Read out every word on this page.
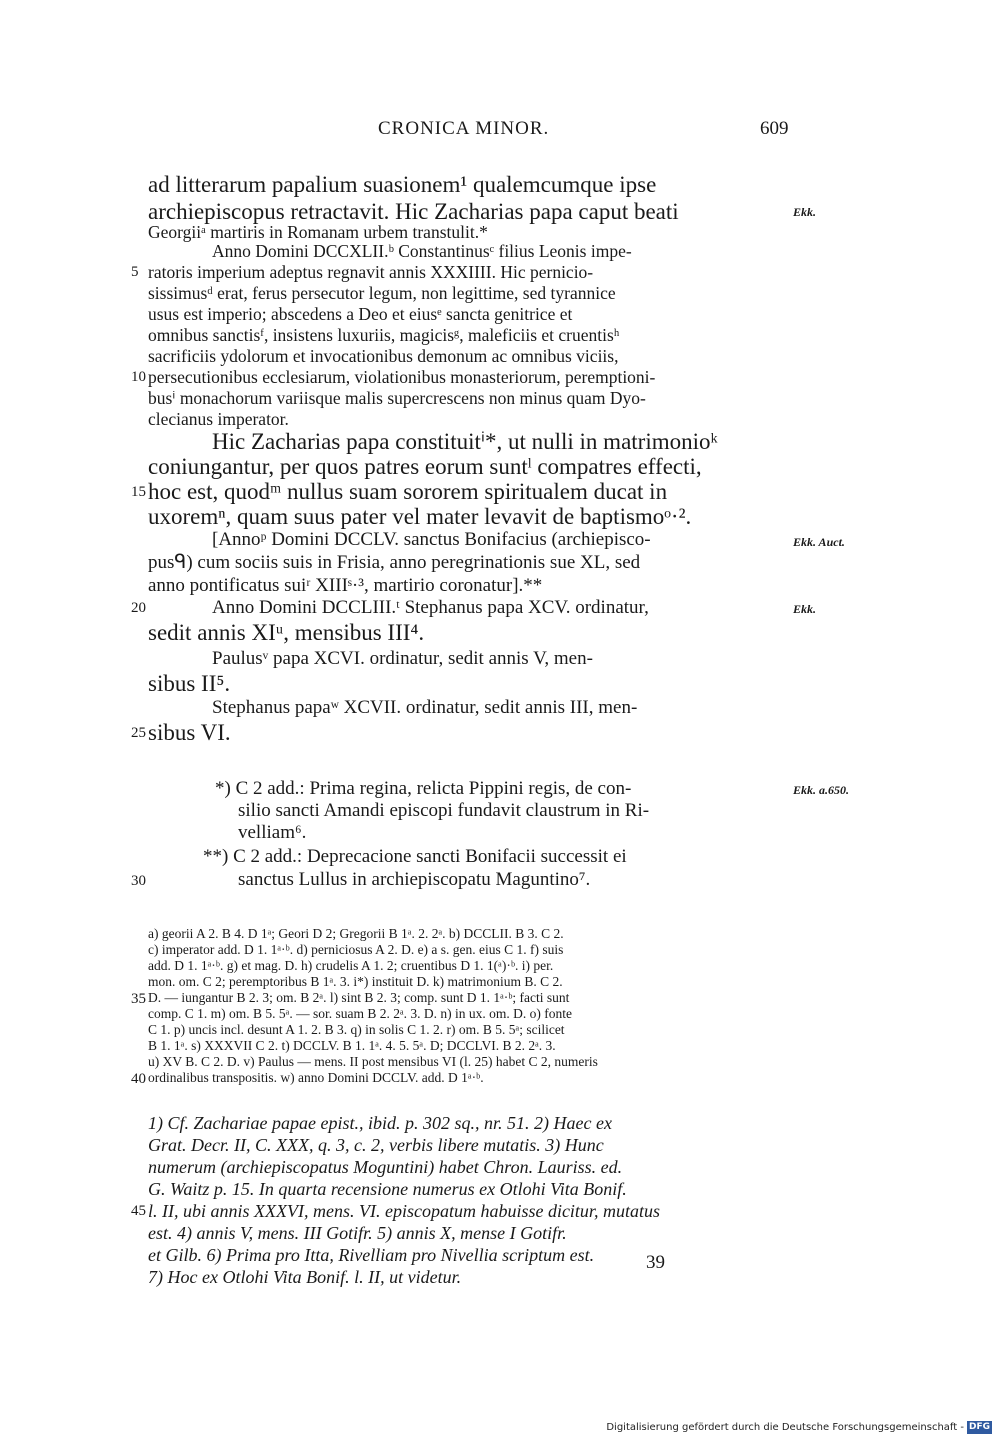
CRONICA MINOR.	609

ad litterarum papalium suasionem¹ qualemcumque ipse

archiepiscopus retractavit. Hic Zacharias papa caput beati

Georgiiᵃ martiris in Romanam urbem transtulit.*

Anno Domini DCCXLII.ᵇ Constantinusᶜ filius Leonis impe-

ratoris imperium adeptus regnavit annis XXXIIII. Hic pernicio-

sissimusᵈ erat, ferus persecutor legum, non legittime, sed tyrannice

usus est imperio; abscedens a Deo et eiusᵉ sancta genitrice et

omnibus sanctisᶠ, insistens luxuriis, magicisᵍ, maleficiis et cruentisʰ

sacrificiis ydolorum et invocationibus demonum ac omnibus viciis,

persecutionibus ecclesiarum, violationibus monasteriorum, peremptioni-

busⁱ monachorum variisque malis supercrescens non minus quam Dyo-

clecianus imperator.

Hic Zacharias papa constituitⁱ*, ut nulli in matrimonioᵏ

coniungantur, per quos patres eorum suntˡ compatres effecti,

hoc est, quodᵐ nullus suam sororem spiritualem ducat in

uxoremⁿ, quam suus pater vel mater levavit de baptismoᵒ·².

[Annoᵖ Domini DCCLV. sanctus Bonifacius (archiepisco-

pusᑫ) cum sociis suis in Frisia, anno peregrinationis sue XL, sed

anno pontificatus suiʳ XIIIˢ·³, martirio coronatur].**

Anno Domini DCCLIII.ᵗ Stephanus papa XCV. ordinatur,

sedit annis XIᵘ, mensibus III⁴.

Paulusᵛ papa XCVI. ordinatur, sedit annis V, men-

sibus II⁵.

Stephanus papaʷ XCVII. ordinatur, sedit annis III, men-

sibus VI.

*) C 2 add.: Prima regina, relicta Pippini regis, de con-

silio sancti Amandi episcopi fundavit claustrum in Ri-

velliam⁶.

**) C 2 add.: Deprecacione sancti Bonifacii successit ei

sanctus Lullus in archiepiscopatu Maguntino⁷.

a) georii A 2. B 4. D 1ᵃ; Geori D 2; Gregorii B 1ᵃ. 2. 2ᵃ. b) DCCLII. B 3. C 2.

c) imperator add. D 1. 1ᵃ·ᵇ. d) perniciosus A 2. D. e) a s. gen. eius C 1. f) suis

add. D 1. 1ᵃ·ᵇ. g) et mag. D. h) crudelis A 1. 2; cruentibus D 1. 1(ᵃ)·ᵇ. i) per.

mon. om. C 2; peremptoribus B 1ᵃ. 3. i*) instituit D. k) matrimonium B. C 2.

D. — iungantur B 2. 3; om. B 2ᵃ. l) sint B 2. 3; comp. sunt D 1. 1ᵃ·ᵇ; facti sunt

comp. C 1. m) om. B 5. 5ᵃ. — sor. suam B 2. 2ᵃ. 3. D. n) in ux. om. D. o) fonte

C 1. p) uncis incl. desunt A 1. 2. B 3. q) in solis C 1. 2. r) om. B 5. 5ᵃ; scilicet

B 1. 1ᵃ. s) XXXVII C 2. t) DCCLV. B 1. 1ᵃ. 4. 5. 5ᵃ. D; DCCLVI. B 2. 2ᵃ. 3.

u) XV B. C 2. D. v) Paulus — mens. II post mensibus VI (l. 25) habet C 2, numeris

ordinalibus transpositis. w) anno Domini DCCLV. add. D 1ᵃ·ᵇ.

1) Cf. Zachariae papae epist., ibid. p. 302 sq., nr. 51. 2) Haec ex

Grat. Decr. II, C. XXX, q. 3, c. 2, verbis libere mutatis. 3) Hunc

numerum (archiepiscopatus Moguntini) habet Chron. Lauriss. ed.

G. Waitz p. 15. In quarta recensione numerus ex Otlohi Vita Bonif.

l. II, ubi annis XXXVI, mens. VI. episcopatum habuisse dicitur, mutatus

est. 4) annis V, mens. III Gotifr. 5) annis X, mense I Gotifr.

et Gilb. 6) Prima pro Itta, Rivelliam pro Nivellia scriptum est.

7) Hoc ex Otlohi Vita Bonif. l. II, ut videtur.

5
10
15
20
25
30
35
40
45
Ekk.
Ekk. Auct.
Ekk.
Ekk. a.650.
39
Digitalisierung gefördert durch die Deutsche Forschungsgemeinschaft - DFG
